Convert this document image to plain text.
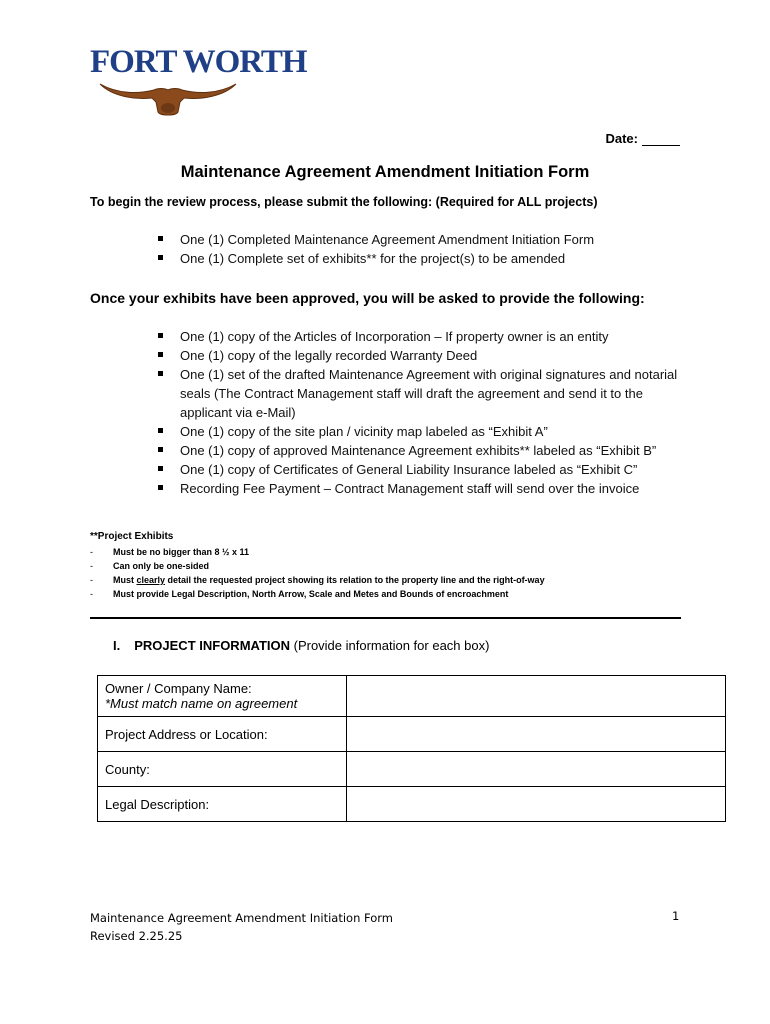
FORT WORTH
Date:
Maintenance Agreement Amendment Initiation Form
To begin the review process, please submit the following: (Required for ALL projects)
One (1) Completed Maintenance Agreement Amendment Initiation Form
One (1) Complete set of exhibits** for the project(s) to be amended
Once your exhibits have been approved, you will be asked to provide the following:
One (1) copy of the Articles of Incorporation – If property owner is an entity
One (1) copy of the legally recorded Warranty Deed
One (1) set of the drafted Maintenance Agreement with original signatures and notarial seals (The Contract Management staff will draft the agreement and send it to the applicant via e-Mail)
One (1) copy of the site plan / vicinity map labeled as “Exhibit A”
One (1) copy of approved Maintenance Agreement exhibits** labeled as “Exhibit B”
One (1) copy of Certificates of General Liability Insurance labeled as “Exhibit C”
Recording Fee Payment – Contract Management staff will send over the invoice
**Project Exhibits
- Must be no bigger than 8 ½ x 11
- Can only be one-sided
- Must clearly detail the requested project showing its relation to the property line and the right-of-way
- Must provide Legal Description, North Arrow, Scale and Metes and Bounds of encroachment
I. PROJECT INFORMATION (Provide information for each box)
Owner / Company Name:
*Must match name on agreement	

Project Address or Location:	
County:	
Legal Description:	
Maintenance Agreement Amendment Initiation Form
Revised 2.25.25
1
